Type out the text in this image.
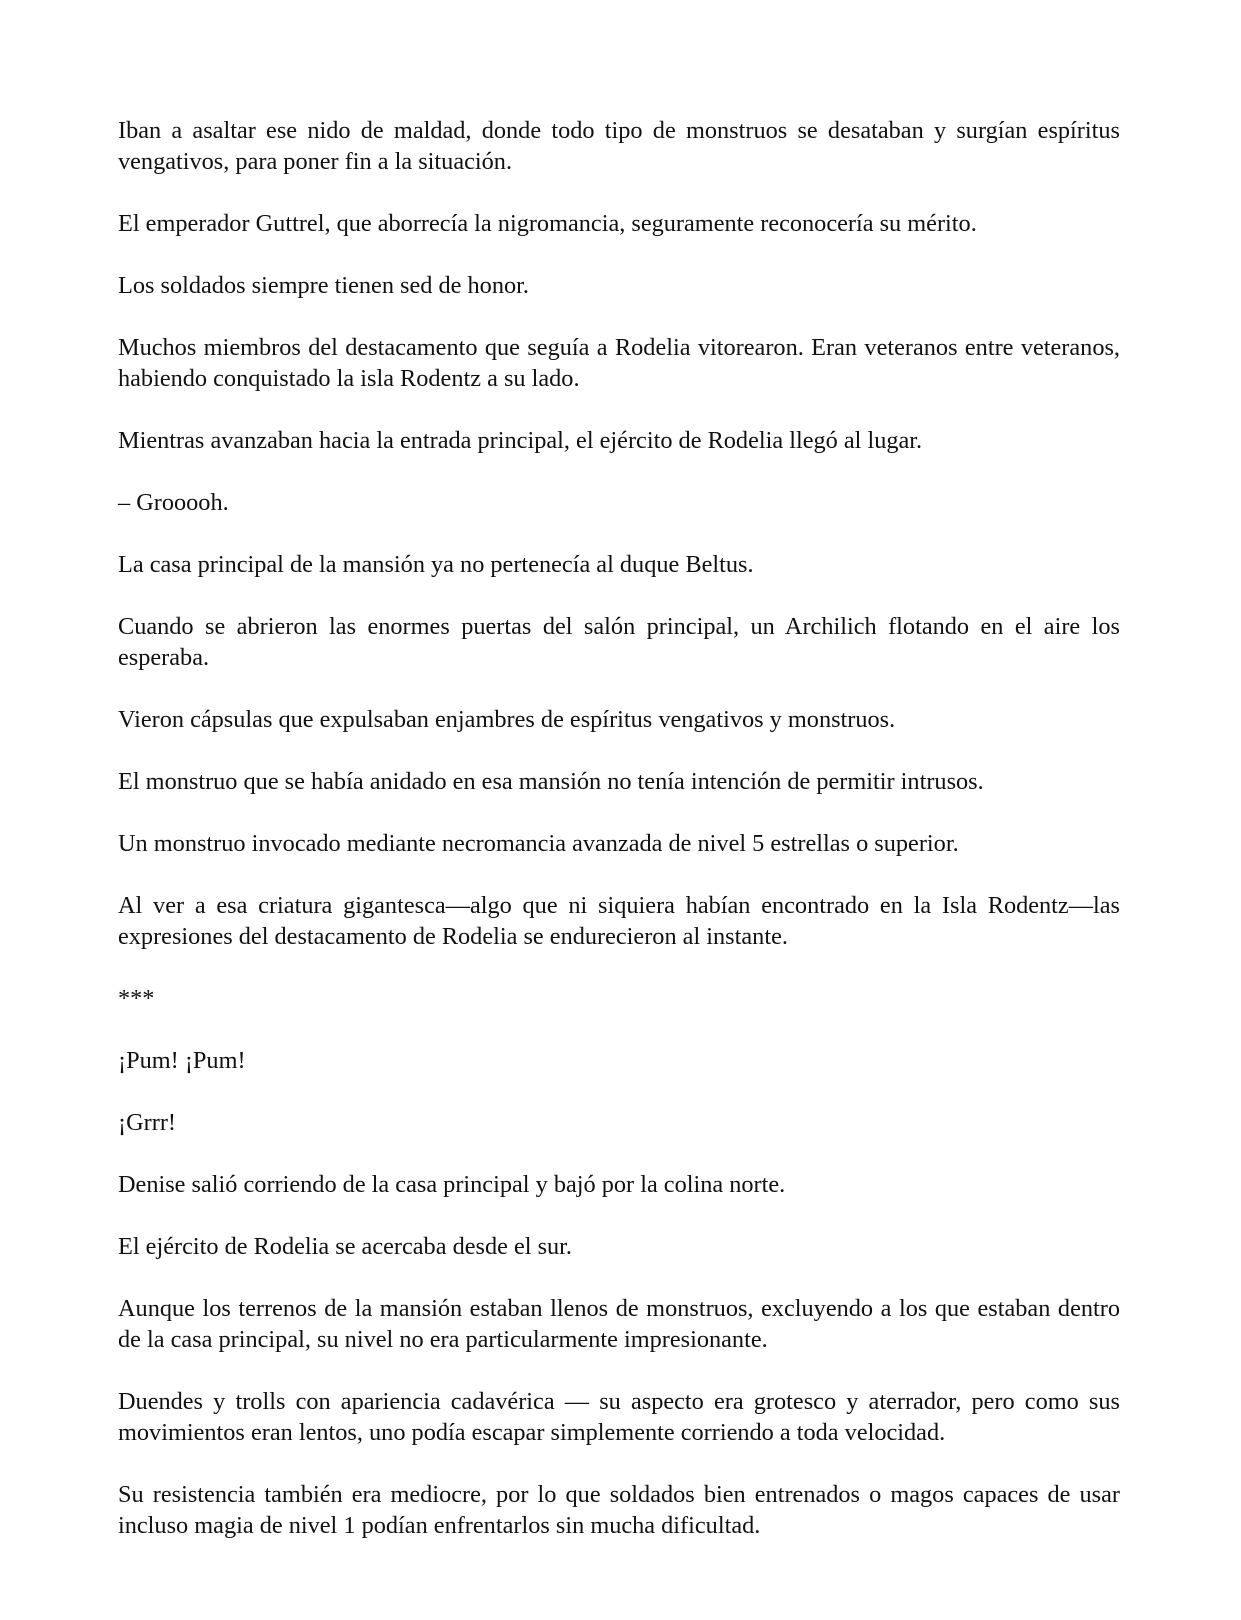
Iban a asaltar ese nido de maldad, donde todo tipo de monstruos se desataban y surgían espíritus vengativos, para poner fin a la situación.

El emperador Guttrel, que aborrecía la nigromancia, seguramente reconocería su mérito.

Los soldados siempre tienen sed de honor.

Muchos miembros del destacamento que seguía a Rodelia vitorearon. Eran veteranos entre veteranos, habiendo conquistado la isla Rodentz a su lado.

Mientras avanzaban hacia la entrada principal, el ejército de Rodelia llegó al lugar.

– Grooooh.

La casa principal de la mansión ya no pertenecía al duque Beltus.

Cuando se abrieron las enormes puertas del salón principal, un Archilich flotando en el aire los esperaba.

Vieron cápsulas que expulsaban enjambres de espíritus vengativos y monstruos.

El monstruo que se había anidado en esa mansión no tenía intención de permitir intrusos.

Un monstruo invocado mediante necromancia avanzada de nivel 5 estrellas o superior.

Al ver a esa criatura gigantesca—algo que ni siquiera habían encontrado en la Isla Rodentz—las expresiones del destacamento de Rodelia se endurecieron al instante.

***

¡Pum! ¡Pum!

¡Grrr!

Denise salió corriendo de la casa principal y bajó por la colina norte.

El ejército de Rodelia se acercaba desde el sur.

Aunque los terrenos de la mansión estaban llenos de monstruos, excluyendo a los que estaban dentro de la casa principal, su nivel no era particularmente impresionante.

Duendes y trolls con apariencia cadavérica — su aspecto era grotesco y aterrador, pero como sus movimientos eran lentos, uno podía escapar simplemente corriendo a toda velocidad.

Su resistencia también era mediocre, por lo que soldados bien entrenados o magos capaces de usar incluso magia de nivel 1 podían enfrentarlos sin mucha dificultad.
